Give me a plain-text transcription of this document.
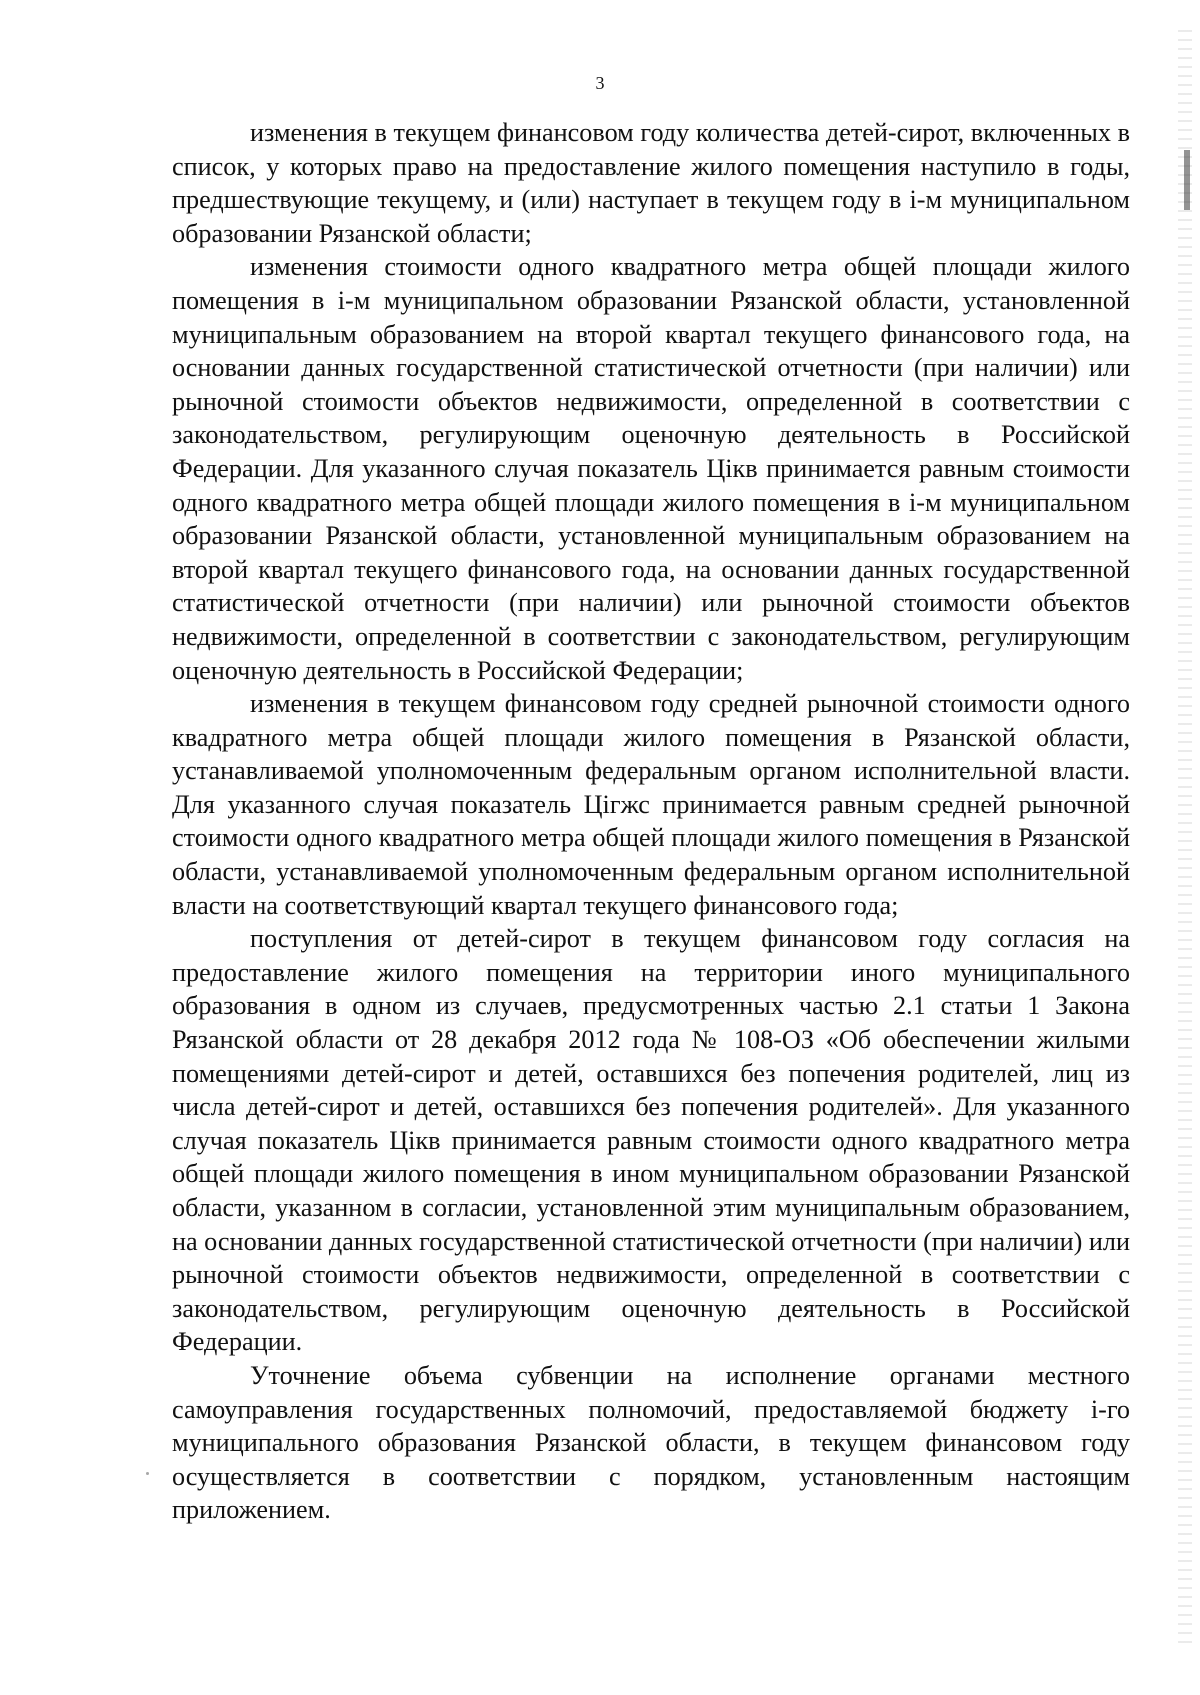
3

изменения в текущем финансовом году количества детей-сирот, включенных в список, у которых право на предоставление жилого помещения наступило в годы, предшествующие текущему, и (или) наступает в текущем году в i-м муниципальном образовании Рязанской области;

изменения стоимости одного квадратного метра общей площади жилого помещения в i-м муниципальном образовании Рязанской области, установленной муниципальным образованием на второй квартал текущего финансового года, на основании данных государственной статистической отчетности (при наличии) или рыночной стоимости объектов недвижимости, определенной в соответствии с законодательством, регулирующим оценочную деятельность в Российской Федерации. Для указанного случая показатель Цікв принимается равным стоимости одного квадратного метра общей площади жилого помещения в i-м муниципальном образовании Рязанской области, установленной муниципальным образованием на второй квартал текущего финансового года, на основании данных государственной статистической отчетности (при наличии) или рыночной стоимости объектов недвижимости, определенной в соответствии с законодательством, регулирующим оценочную деятельность в Российской Федерации;

изменения в текущем финансовом году средней рыночной стоимости одного квадратного метра общей площади жилого помещения в Рязанской области, устанавливаемой уполномоченным федеральным органом исполнительной власти. Для указанного случая показатель Цігжс принимается равным средней рыночной стоимости одного квадратного метра общей площади жилого помещения в Рязанской области, устанавливаемой уполномоченным федеральным органом исполнительной власти на соответствующий квартал текущего финансового года;

поступления от детей-сирот в текущем финансовом году согласия на предоставление жилого помещения на территории иного муниципального образования в одном из случаев, предусмотренных частью 2.1 статьи 1 Закона Рязанской области от 28 декабря 2012 года № 108-ОЗ «Об обеспечении жилыми помещениями детей-сирот и детей, оставшихся без попечения родителей, лиц из числа детей-сирот и детей, оставшихся без попечения родителей». Для указанного случая показатель Цікв принимается равным стоимости одного квадратного метра общей площади жилого помещения в ином муниципальном образовании Рязанской области, указанном в согласии, установленной этим муниципальным образованием, на основании данных государственной статистической отчетности (при наличии) или рыночной стоимости объектов недвижимости, определенной в соответствии с законодательством, регулирующим оценочную деятельность в Российской Федерации.

Уточнение объема субвенции на исполнение органами местного самоуправления государственных полномочий, предоставляемой бюджету i-го муниципального образования Рязанской области, в текущем финансовом году осуществляется в соответствии с порядком, установленным настоящим приложением.
